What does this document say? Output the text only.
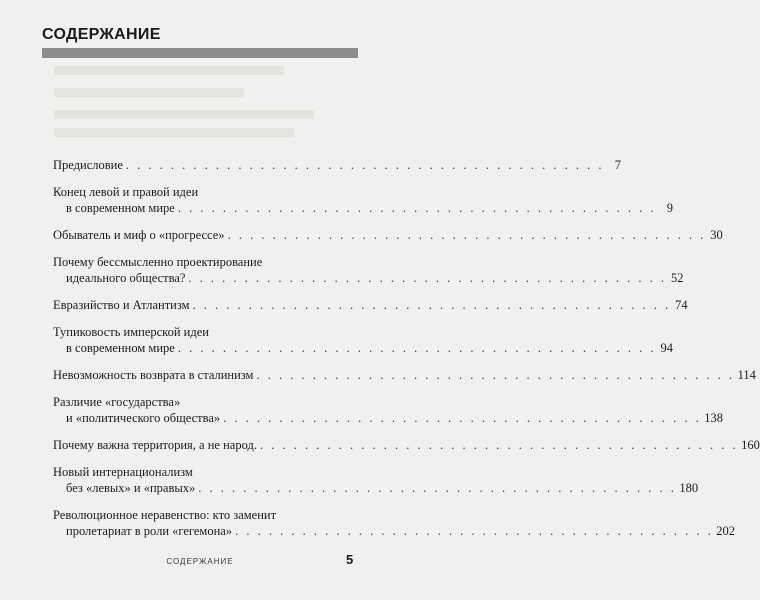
СОДЕРЖАНИЕ
Предисловие . . . . . . . . . . . . . . . . . . . . . . . . . . . . . . . . . . . . . . . . . . . 7
Конец левой и правой идеи
в современном мире . . . . . . . . . . . . . . . . . . . . . . . . . . . . . . . . . . . . . . . . . . . 9
Обыватель и миф о «прогрессе» . . . . . . . . . . . . . . . . . . . . . . . . . . . . . . . . . . . . . . . . . . . 30
Почему бессмысленно проектирование
идеального общества? . . . . . . . . . . . . . . . . . . . . . . . . . . . . . . . . . . . . . . . . . . . 52
Евразийство и Атлантизм . . . . . . . . . . . . . . . . . . . . . . . . . . . . . . . . . . . . . . . . . . . 74
Тупиковость имперской идеи
в современном мире . . . . . . . . . . . . . . . . . . . . . . . . . . . . . . . . . . . . . . . . . . . 94
Невозможность возврата в сталинизм . . . . . . . . . . . . . . . . . . . . . . . . . . . . . . . . . . . . . . . . . . . 114
Различие «государства»
и «политического общества» . . . . . . . . . . . . . . . . . . . . . . . . . . . . . . . . . . . . . . . . . . . 138
Почему важна территория, а не народ. . . . . . . . . . . . . . . . . . . . . . . . . . . . . . . . . . . . . . . . . . . . 160
Новый интернационализм
без «левых» и «правых» . . . . . . . . . . . . . . . . . . . . . . . . . . . . . . . . . . . . . . . . . . . 180
Революционное неравенство: кто заменит
пролетариат в роли «гегемона» . . . . . . . . . . . . . . . . . . . . . . . . . . . . . . . . . . . . . . . . . . . 202
СОДЕРЖАНИЕ	5
